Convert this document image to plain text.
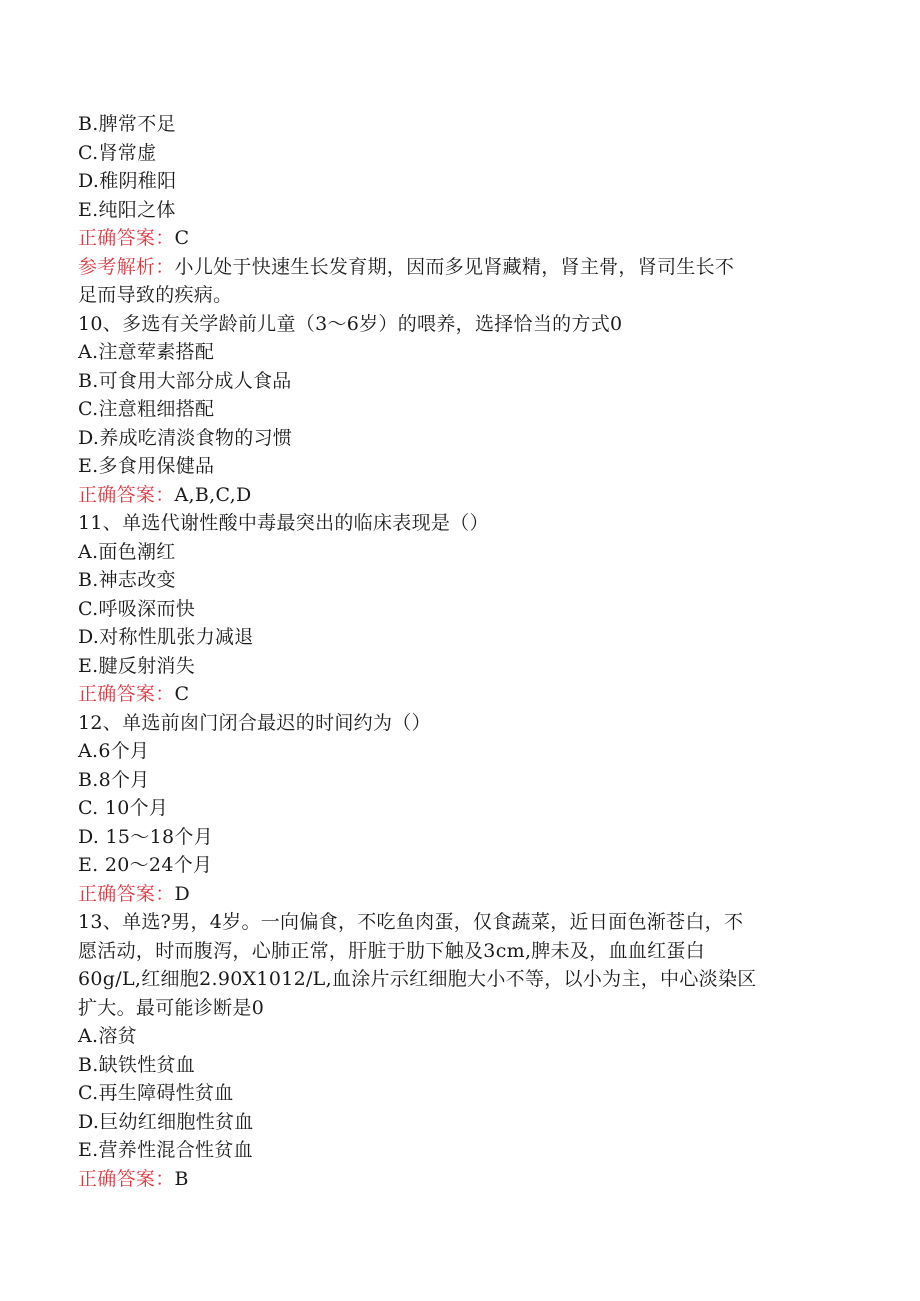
B.脾常不足
C.肾常虚
D.稚阴稚阳
E.纯阳之体
正确答案：C
参考解析：小儿处于快速生长发育期，因而多见肾藏精，肾主骨，肾司生长不
足而导致的疾病。
10、多选有关学龄前儿童（3～6岁）的喂养，选择恰当的方式0
A.注意荤素搭配
B.可食用大部分成人食品
C.注意粗细搭配
D.养成吃清淡食物的习惯
E.多食用保健品
正确答案：A,B,C,D
11、单选代谢性酸中毒最突出的临床表现是（）
A.面色潮红
B.神志改变
C.呼吸深而快
D.对称性肌张力减退
E.腱反射消失
正确答案：C
12、单选前囱门闭合最迟的时间约为（）
A.6个月
B.8个月
C. 10个月
D. 15～18个月
E. 20～24个月
正确答案：D
13、单选?男，4岁。一向偏食，不吃鱼肉蛋，仅食蔬菜，近日面色渐苍白，不
愿活动，时而腹泻，心肺正常，肝脏于肋下触及3cm,脾未及，血血红蛋白
60g/L,红细胞2.90X1012/L,血涂片示红细胞大小不等，以小为主，中心淡染区
扩大。最可能诊断是0
A.溶贫
B.缺铁性贫血
C.再生障碍性贫血
D.巨幼红细胞性贫血
E.营养性混合性贫血
正确答案：B
